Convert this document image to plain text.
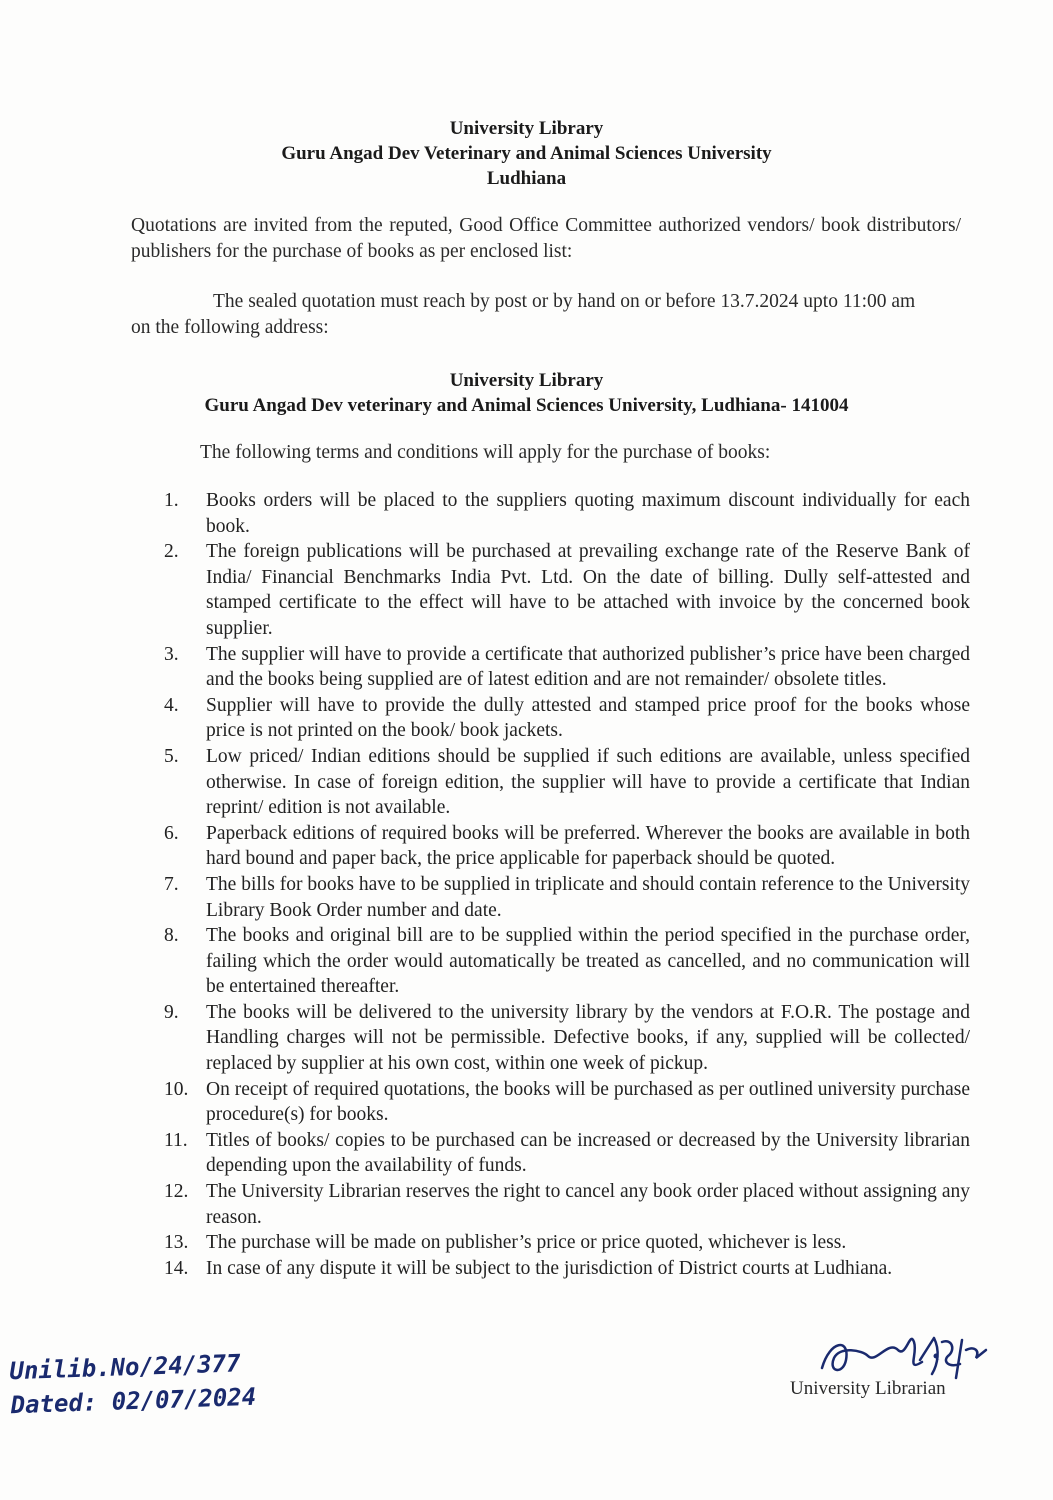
University Library
Guru Angad Dev Veterinary and Animal Sciences University
Ludhiana
Quotations are invited from the reputed, Good Office Committee authorized vendors/ book distributors/ publishers for the purchase of books as per enclosed list:
The sealed quotation must reach by post or by hand on or before 13.7.2024 upto 11:00 am on the following address:
University Library
Guru Angad Dev veterinary and Animal Sciences University, Ludhiana- 141004
The following terms and conditions will apply for the purchase of books:
1.	Books orders will be placed to the suppliers quoting maximum discount individually for each book.
2.	The foreign publications will be purchased at prevailing exchange rate of the Reserve Bank of India/ Financial Benchmarks India Pvt. Ltd. On the date of billing. Dully self-attested and stamped certificate to the effect will have to be attached with invoice by the concerned book supplier.
3.	The supplier will have to provide a certificate that authorized publisher’s price have been charged and the books being supplied are of latest edition and are not remainder/ obsolete titles.
4.	Supplier will have to provide the dully attested and stamped price proof for the books whose price is not printed on the book/ book jackets.
5.	Low priced/ Indian editions should be supplied if such editions are available, unless specified otherwise. In case of foreign edition, the supplier will have to provide a certificate that Indian reprint/ edition is not available.
6.	Paperback editions of required books will be preferred. Wherever the books are available in both hard bound and paper back, the price applicable for paperback should be quoted.
7.	The bills for books have to be supplied in triplicate and should contain reference to the University Library Book Order number and date.
8.	The books and original bill are to be supplied within the period specified in the purchase order, failing which the order would automatically be treated as cancelled, and no communication will be entertained thereafter.
9.	The books will be delivered to the university library by the vendors at F.O.R. The postage and Handling charges will not be permissible. Defective books, if any, supplied will be collected/ replaced by supplier at his own cost, within one week of pickup.
10. On receipt of required quotations, the books will be purchased as per outlined university purchase procedure(s) for books.
11. Titles of books/ copies to be purchased can be increased or decreased by the University librarian depending upon the availability of funds.
12. The University Librarian reserves the right to cancel any book order placed without assigning any reason.
13. The purchase will be made on publisher’s price or price quoted, whichever is less.
14. In case of any dispute it will be subject to the jurisdiction of District courts at Ludhiana.
Unilib.No/24/377
Dated: 02/07/2024
2/7/24
University Librarian
